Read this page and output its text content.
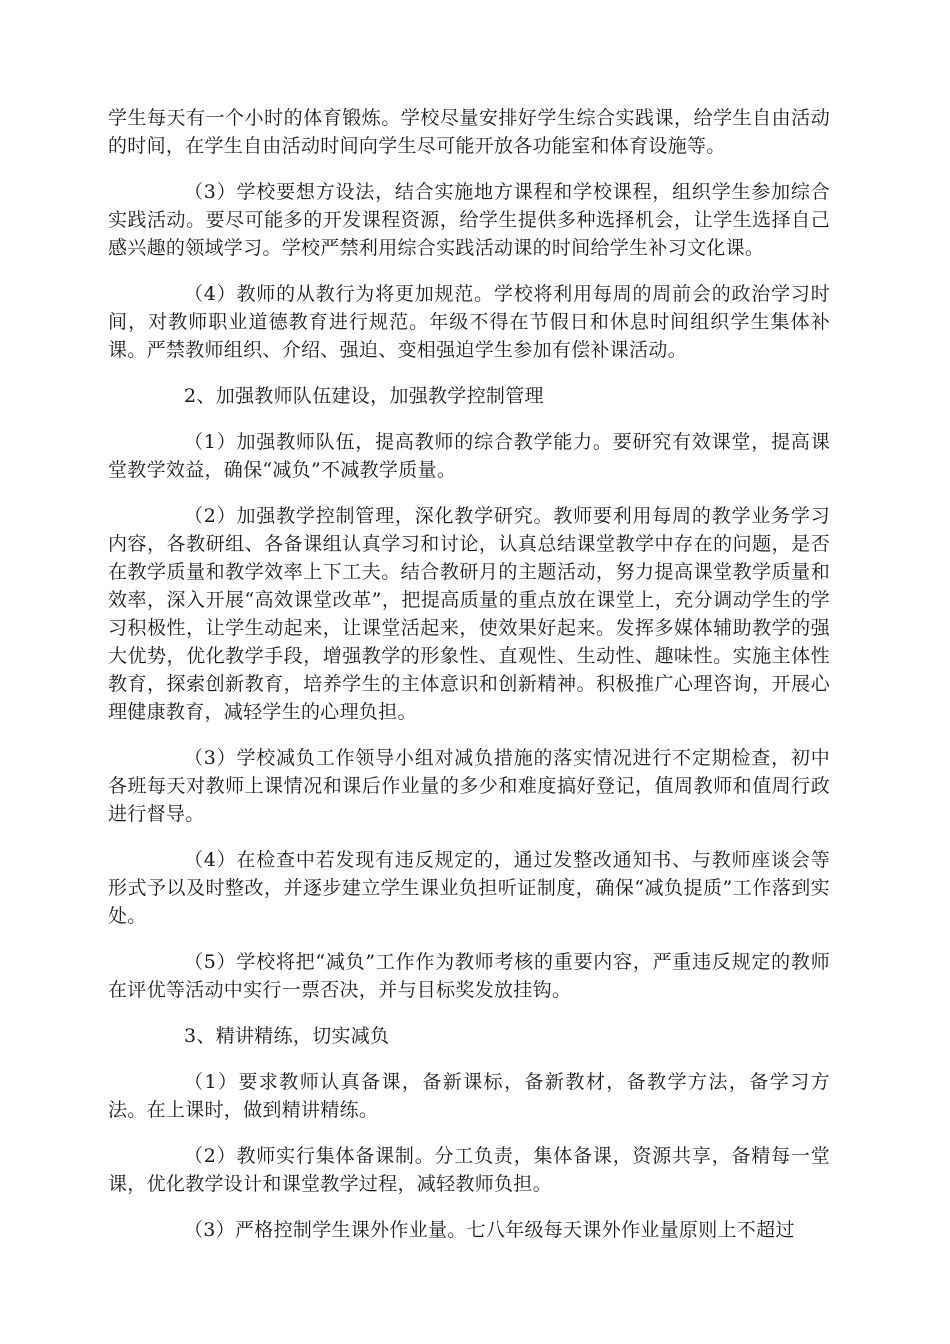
学生每天有一个小时的体育锻炼。学校尽量安排好学生综合实践课，给学生自由活动的时间，在学生自由活动时间向学生尽可能开放各功能室和体育设施等。

（3）学校要想方设法，结合实施地方课程和学校课程，组织学生参加综合实践活动。要尽可能多的开发课程资源，给学生提供多种选择机会，让学生选择自己感兴趣的领域学习。学校严禁利用综合实践活动课的时间给学生补习文化课。

（4）教师的从教行为将更加规范。学校将利用每周的周前会的政治学习时间，对教师职业道德教育进行规范。年级不得在节假日和休息时间组织学生集体补课。严禁教师组织、介绍、强迫、变相强迫学生参加有偿补课活动。

2、加强教师队伍建设，加强教学控制管理

（1）加强教师队伍，提高教师的综合教学能力。要研究有效课堂，提高课堂教学效益，确保“减负”不减教学质量。

（2）加强教学控制管理，深化教学研究。教师要利用每周的教学业务学习内容，各教研组、各备课组认真学习和讨论，认真总结课堂教学中存在的问题，是否在教学质量和教学效率上下工夫。结合教研月的主题活动，努力提高课堂教学质量和效率，深入开展“高效课堂改革”，把提高质量的重点放在课堂上，充分调动学生的学习积极性，让学生动起来，让课堂活起来，使效果好起来。发挥多媒体辅助教学的强大优势，优化教学手段，增强教学的形象性、直观性、生动性、趣味性。实施主体性教育，探索创新教育，培养学生的主体意识和创新精神。积极推广心理咨询，开展心理健康教育，减轻学生的心理负担。

（3）学校减负工作领导小组对减负措施的落实情况进行不定期检查，初中各班每天对教师上课情况和课后作业量的多少和难度搞好登记，值周教师和值周行政进行督导。

（4）在检查中若发现有违反规定的，通过发整改通知书、与教师座谈会等形式予以及时整改，并逐步建立学生课业负担听证制度，确保“减负提质”工作落到实处。

（5）学校将把“减负”工作作为教师考核的重要内容，严重违反规定的教师在评优等活动中实行一票否决，并与目标奖发放挂钩。

3、精讲精练，切实减负

（1）要求教师认真备课，备新课标，备新教材，备教学方法，备学习方法。在上课时，做到精讲精练。

（2）教师实行集体备课制。分工负责，集体备课，资源共享，备精每一堂课，优化教学设计和课堂教学过程，减轻教师负担。

（3）严格控制学生课外作业量。七八年级每天课外作业量原则上不超过
